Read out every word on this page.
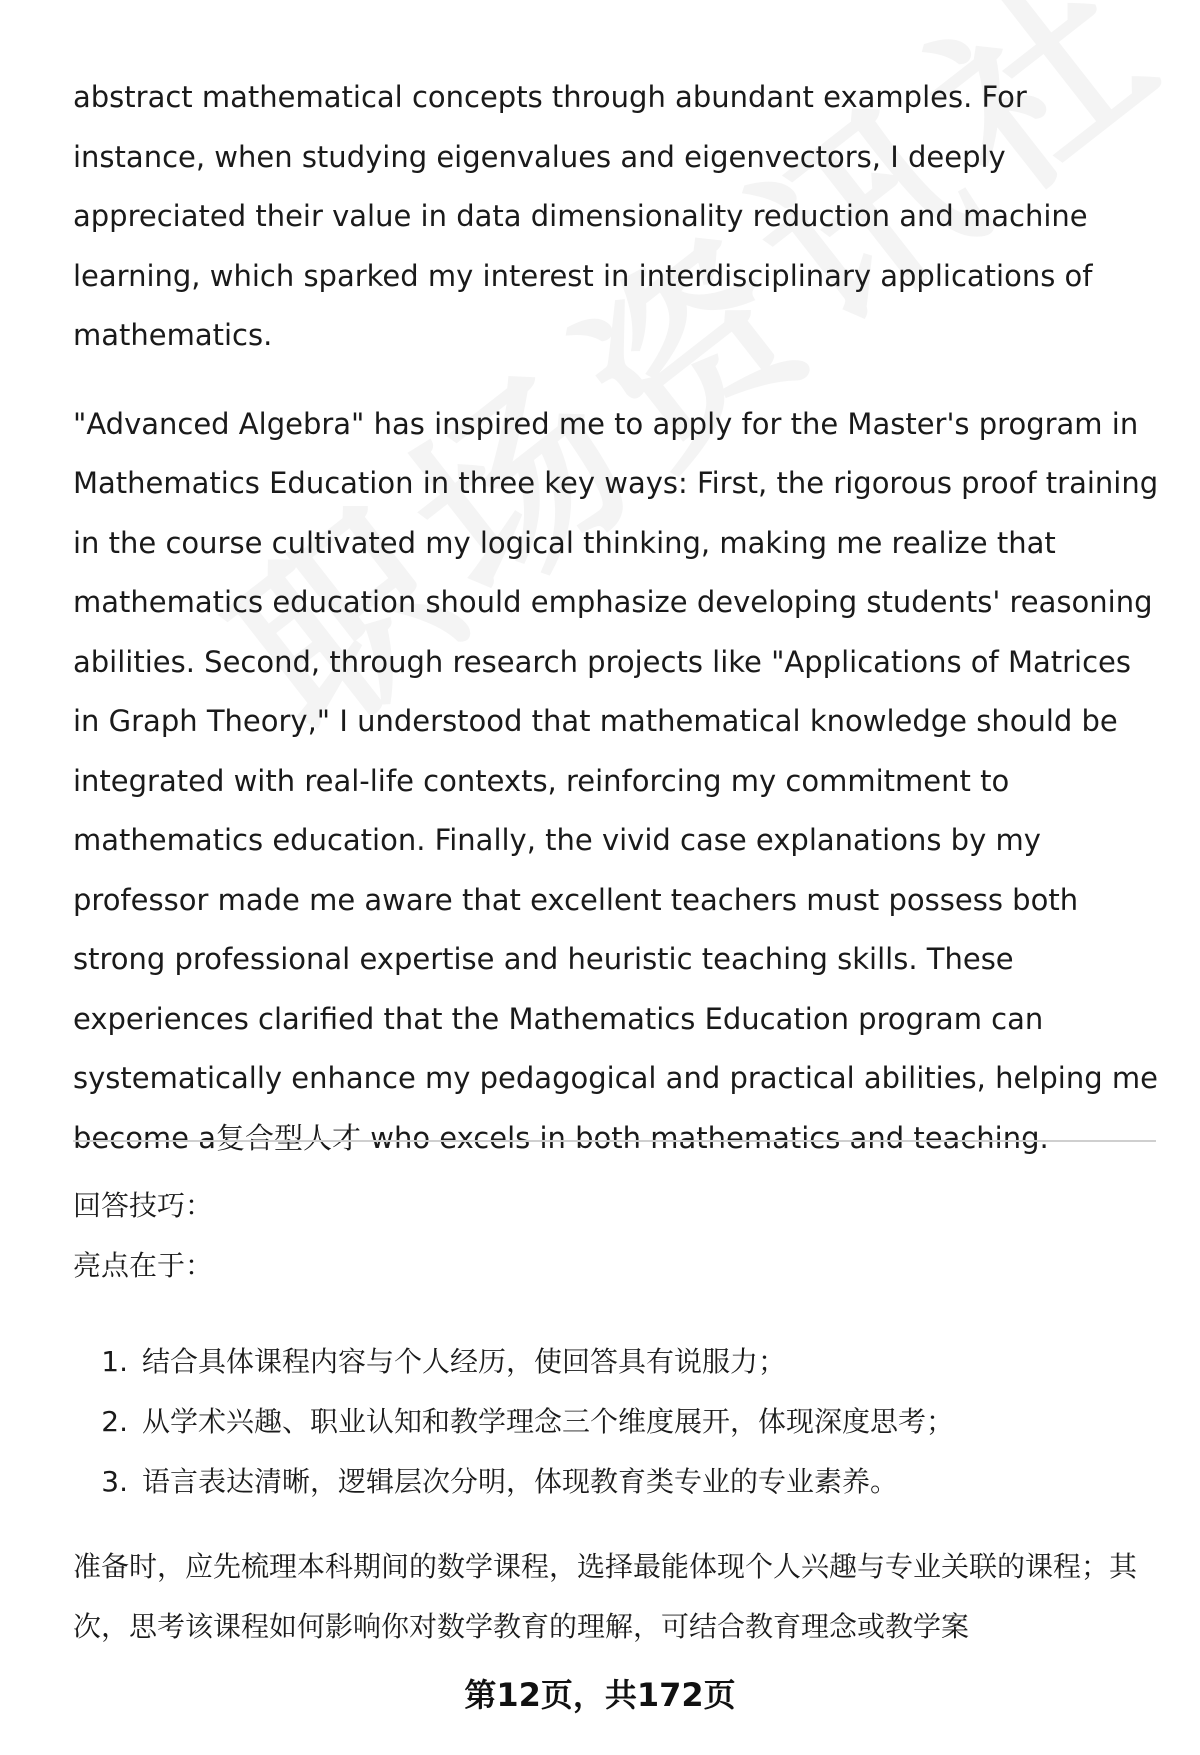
abstract mathematical concepts through abundant examples. For instance, when studying eigenvalues and eigenvectors, I deeply appreciated their value in data dimensionality reduction and machine learning, which sparked my interest in interdisciplinary applications of mathematics.

"Advanced Algebra" has inspired me to apply for the Master's program in Mathematics Education in three key ways: First, the rigorous proof training in the course cultivated my logical thinking, making me realize that mathematics education should emphasize developing students' reasoning abilities. Second, through research projects like "Applications of Matrices in Graph Theory," I understood that mathematical knowledge should be integrated with real-life contexts, reinforcing my commitment to mathematics education. Finally, the vivid case explanations by my professor made me aware that excellent teachers must possess both strong professional expertise and heuristic teaching skills. These experiences clarified that the Mathematics Education program can systematically enhance my pedagogical and practical abilities, helping me become a复合型人才 who excels in both mathematics and teaching.

回答技巧：

亮点在于：

1. 结合具体课程内容与个人经历，使回答具有说服力；
2. 从学术兴趣、职业认知和教学理念三个维度展开，体现深度思考；
3. 语言表达清晰，逻辑层次分明，体现教育类专业的专业素养。

准备时，应先梳理本科期间的数学课程，选择最能体现个人兴趣与专业关联的课程；其次，思考该课程如何影响你对数学教育的理解，可结合教育理念或教学案

第12页，共172页
